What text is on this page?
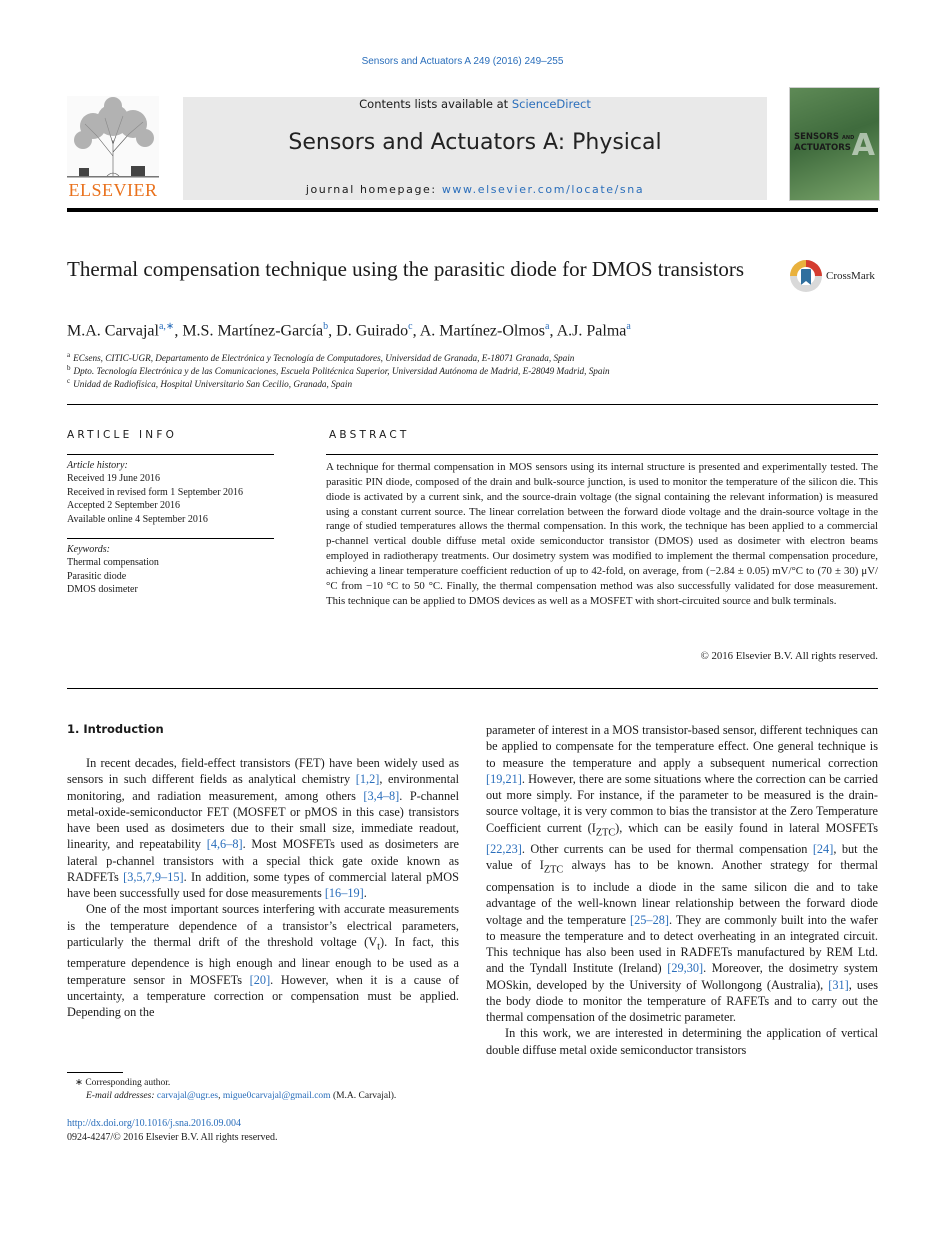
Sensors and Actuators A 249 (2016) 249–255
Contents lists available at ScienceDirect
Sensors and Actuators A: Physical
journal homepage: www.elsevier.com/locate/sna
ELSEVIER
A
SENSORS AND
ACTUATORS
Thermal compensation technique using the parasitic diode for DMOS transistors	CrossMark
M.A. Carvajal$^{a,∗}$, M.S. Martínez-García$^b$, D. Guirado$^c$, A. Martínez-Olmos$^a$, A.J. Palma$^a$
$^a$ ECsens, CITIC-UGR, Departamento de Electrónica y Tecnología de Computadores, Universidad de Granada, E-18071 Granada, Spain
$^b$ Dpto. Tecnología Electrónica y de las Comunicaciones, Escuela Politécnica Superior, Universidad Autónoma de Madrid, E-28049 Madrid, Spain
$^c$ Unidad de Radiofísica, Hospital Universitario San Cecilio, Granada, Spain
ARTICLE INFO
Article history:
Received 19 June 2016
Received in revised form 1 September 2016
Accepted 2 September 2016
Available online 4 September 2016
Keywords:
Thermal compensation
Parasitic diode
DMOS dosimeter
ABSTRACT
A technique for thermal compensation in MOS sensors using its internal structure is presented and experimentally tested. The parasitic PIN diode, composed of the drain and bulk-source junction, is used to monitor the temperature of the silicon die. This diode is activated by a current sink, and the source-drain voltage (the signal containing the relevant information) is measured using a constant current source. The linear correlation between the forward diode voltage and the drain-source voltage in the range of studied temperatures allows the thermal compensation. In this work, the technique has been applied to a commercial p-channel vertical double diffuse metal oxide semiconductor transistor (DMOS) used as dosimeter with electron beams employed in radiotherapy treatments. Our dosimetry system was modified to implement the thermal compensation procedure, achieving a linear temperature coefficient reduction of up to 42-fold, on average, from (−2.84 ± 0.05) mV/°C to (70 ± 30) μV/°C from −10 °C to 50 °C. Finally, the thermal compensation method was also successfully validated for dose measurement. This technique can be applied to DMOS devices as well as a MOSFET with short-circuited source and bulk terminals.
© 2016 Elsevier B.V. All rights reserved.
1. Introduction

In recent decades, field-effect transistors (FET) have been widely used as sensors in such different fields as analytical chemistry [1,2], environmental monitoring, and radiation measurement, among others [3,4–8]. P-channel metal-oxide-semiconductor FET (MOSFET or pMOS in this case) transistors have been used as dosimeters due to their small size, immediate readout, linearity, and repeatability [4,6–8]. Most MOSFETs used as dosimeters are lateral p-channel transistors with a special thick gate oxide known as RADFETs [3,5,7,9–15]. In addition, some types of commercial lateral pMOS have been successfully used for dose measurements [16–19].

One of the most important sources interfering with accurate measurements is the temperature dependence of a transistor’s electrical parameters, particularly the thermal drift of the threshold voltage $(V_t)$. In fact, this temperature dependence is high enough and linear enough to be used as a temperature sensor in MOSFETs [20]. However, when it is a cause of uncertainty, a temperature correction or compensation must be applied. Depending on the

parameter of interest in a MOS transistor-based sensor, different techniques can be applied to compensate for the temperature effect. One general technique is to measure the temperature and apply a subsequent numerical correction [19,21]. However, there are some situations where the correction can be carried out more simply. For instance, if the parameter to be measured is the drain-source voltage, it is very common to bias the transistor at the Zero Temperature Coefficient current $(I_{ZTC})$, which can be easily found in lateral MOSFETs [22,23]. Other currents can be used for thermal compensation [24], but the value of $I_{ZTC}$ always has to be known. Another strategy for thermal compensation is to include a diode in the same silicon die and to take advantage of the well-known linear relationship between the forward diode voltage and the temperature [25–28]. They are commonly built into the wafer to measure the temperature and to detect overheating in an integrated circuit. This technique has also been used in RADFETs manufactured by REM Ltd. and the Tyndall Institute (Ireland) [29,30]. Moreover, the dosimetry system MOSkin, developed by the University of Wollongong (Australia), [31], uses the body diode to monitor the temperature of RAFETs and to carry out the thermal compensation of the dosimetric parameter.

In this work, we are interested in determining the application of vertical double diffuse metal oxide semiconductor transistors

∗ Corresponding author.
E-mail addresses: carvajal@ugr.es, migue0carvajal@gmail.com (M.A. Carvajal).
http://dx.doi.org/10.1016/j.sna.2016.09.004
0924-4247/© 2016 Elsevier B.V. All rights reserved.
